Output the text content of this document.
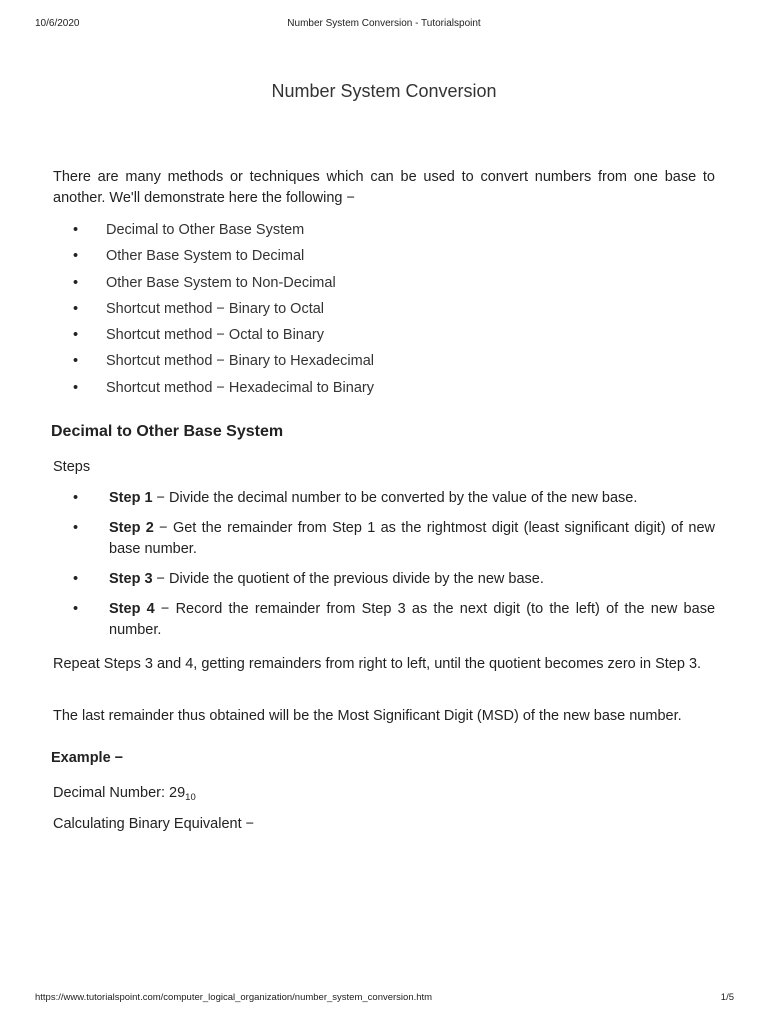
10/6/2020	Number System Conversion - Tutorialspoint
Number System Conversion

There are many methods or techniques which can be used to convert numbers from one base to another. We'll demonstrate here the following −

• Decimal to Other Base System
• Other Base System to Decimal
• Other Base System to Non-Decimal
• Shortcut method − Binary to Octal
• Shortcut method − Octal to Binary
• Shortcut method − Binary to Hexadecimal
• Shortcut method − Hexadecimal to Binary
Decimal to Other Base System

Steps

• Step 1 − Divide the decimal number to be converted by the value of the new base.
• Step 2 − Get the remainder from Step 1 as the rightmost digit (least significant digit) of new base number.
• Step 3 − Divide the quotient of the previous divide by the new base.
• Step 4 − Record the remainder from Step 3 as the next digit (to the left) of the new base number.

Repeat Steps 3 and 4, getting remainders from right to left, until the quotient becomes zero in Step 3.

The last remainder thus obtained will be the Most Significant Digit (MSD) of the new base number.

Example −

Decimal Number: $29_{10}$

Calculating Binary Equivalent −

https://www.tutorialspoint.com/computer_logical_organization/number_system_conversion.htm	1/5
